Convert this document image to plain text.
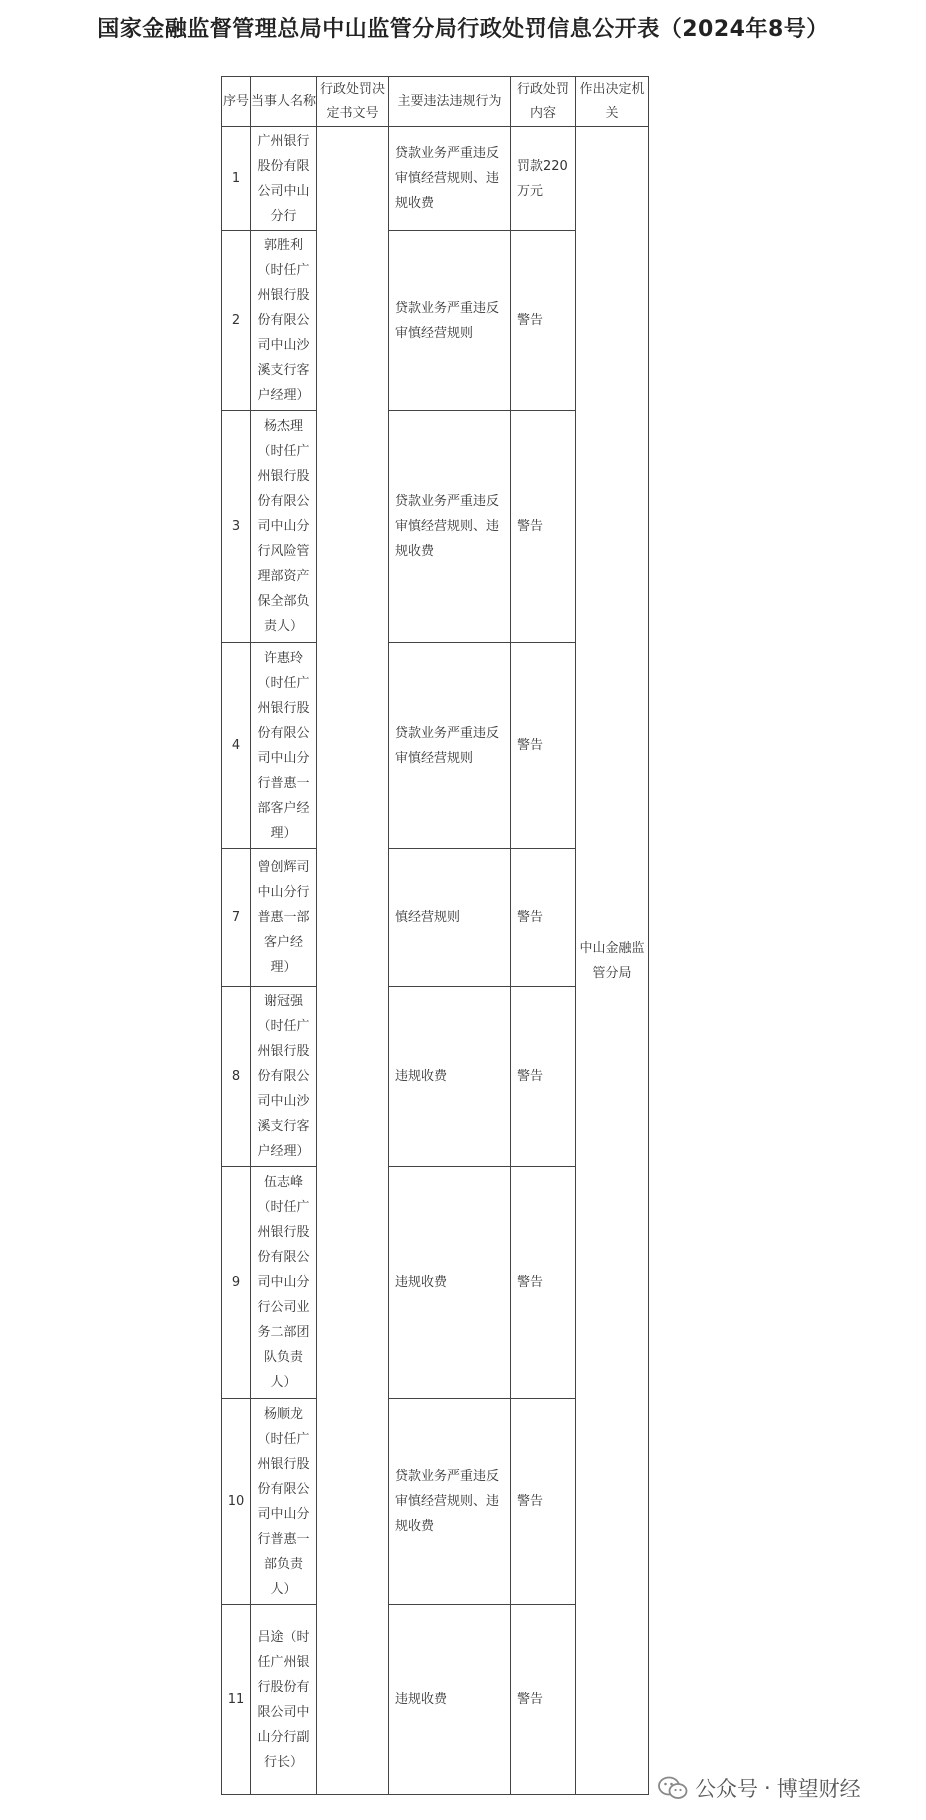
国家金融监督管理总局中山监管分局行政处罚信息公开表（2024年8号）
序号	当事人名称	行政处罚决定书文号	主要违法违规行为	行政处罚内容	作出决定机关
1	广州银行股份有限公司中山分行		贷款业务严重违反审慎经营规则、违规收费	罚款220万元	中山金融监管分局
2	郭胜利（时任广州银行股份有限公司中山沙溪支行客户经理）		贷款业务严重违反审慎经营规则	警告	
3	杨杰理（时任广州银行股份有限公司中山分行风险管理部资产保全部负责人）		贷款业务严重违反审慎经营规则、违规收费	警告	
4	许惠玲（时任广州银行股份有限公司中山分行普惠一部客户经理）		贷款业务严重违反审慎经营规则	警告	
7	曾创辉司中山分行普惠一部客户经理）		慎经营规则	警告	
8	谢冠强（时任广州银行股份有限公司中山沙溪支行客户经理）		违规收费	警告	
9	伍志峰（时任广州银行股份有限公司中山分行公司业务二部团队负责人）		违规收费	警告	
10	杨顺龙（时任广州银行股份有限公司中山分行普惠一部负责人）		贷款业务严重违反审慎经营规则、违规收费	警告	
11	吕途（时任广州银行股份有限公司中山分行副行长）		违规收费	警告	
公众号 · 博望财经
